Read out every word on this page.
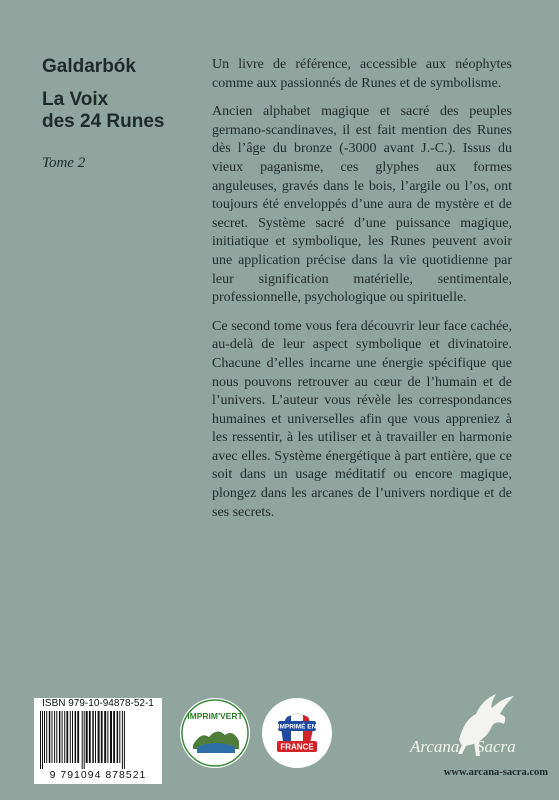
Galdarbók
La Voix
des 24 Runes
Tome 2

Un livre de référence, accessible aux néophytes comme aux passionnés de Runes et de symbolisme.

Ancien alphabet magique et sacré des peuples germano-scandinaves, il est fait mention des Runes dès l’âge du bronze (-3000 avant J.-C.). Issus du vieux paganisme, ces glyphes aux formes anguleuses, gravés dans le bois, l’argile ou l’os, ont toujours été enveloppés d’une aura de mystère et de secret. Système sacré d’une puissance magique, initiatique et symbolique, les Runes peuvent avoir une application précise dans la vie quotidienne par leur signification matérielle, sentimentale, professionnelle, psychologique ou spirituelle.

Ce second tome vous fera découvrir leur face cachée, au-delà de leur aspect symbolique et divinatoire. Chacune d’elles incarne une énergie spécifique que nous pouvons retrouver au cœur de l’humain et de l’univers. L’auteur vous révèle les correspondances humaines et universelles afin que vous appreniez à les ressentir, à les utiliser et à travailler en harmonie avec elles. Système énergétique à part entière, que ce soit dans un usage méditatif ou encore magique, plongez dans les arcanes de l’univers nordique et de ses secrets.

ISBN 979-10-94878-52-1
9 791094 878521
IMPRIM'VERT
IMPRIMÉ EN
FRANCE	Arcana Sacra
www.arcana-sacra.com
